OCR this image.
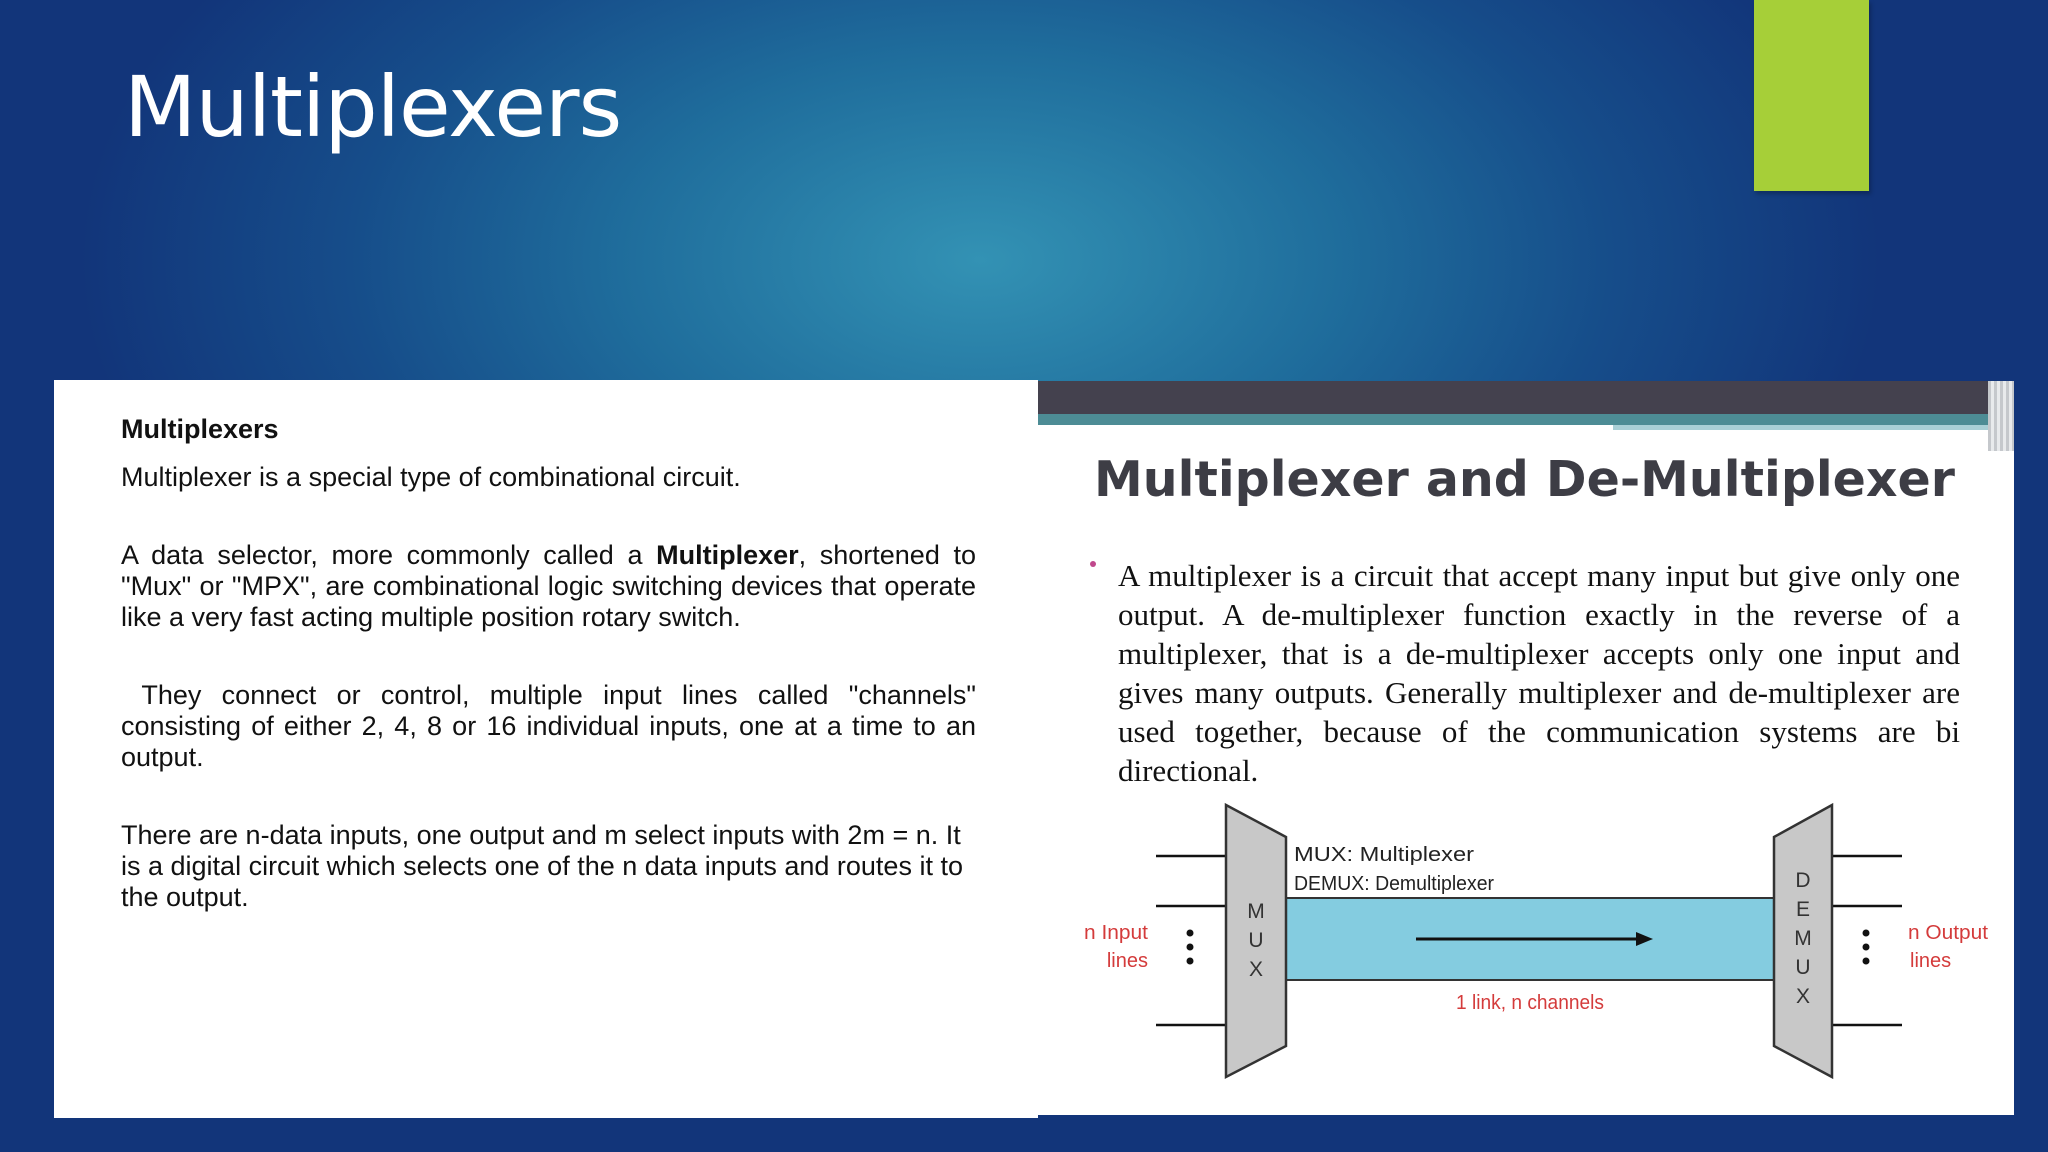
Multiplexers
Multiplexers

Multiplexer is a special type of combinational circuit.

A data selector, more commonly called a Multiplexer, shortened to "Mux" or "MPX", are combinational logic switching devices that operate like a very fast acting multiple position rotary switch.

They connect or control, multiple input lines called "channels" consisting of either 2, 4, 8 or 16 individual inputs, one at a time to an output.

There are n-data inputs, one output and m select inputs with 2m = n. It is a digital circuit which selects one of the n data inputs and routes it to the output.

Multiplexer and De-Multiplexer

A multiplexer is a circuit that accept many input but give only one output. A de-multiplexer function exactly in the reverse of a multiplexer, that is a de-multiplexer accepts only one input and gives many outputs. Generally multiplexer and de-multiplexer are used together, because of the communication systems are bi directional.

M
U
X
D
E
M
U
X
MUX: Multiplexer
DEMUX: Demultiplexer
n Input
lines
n Output
lines
1 link, n channels
